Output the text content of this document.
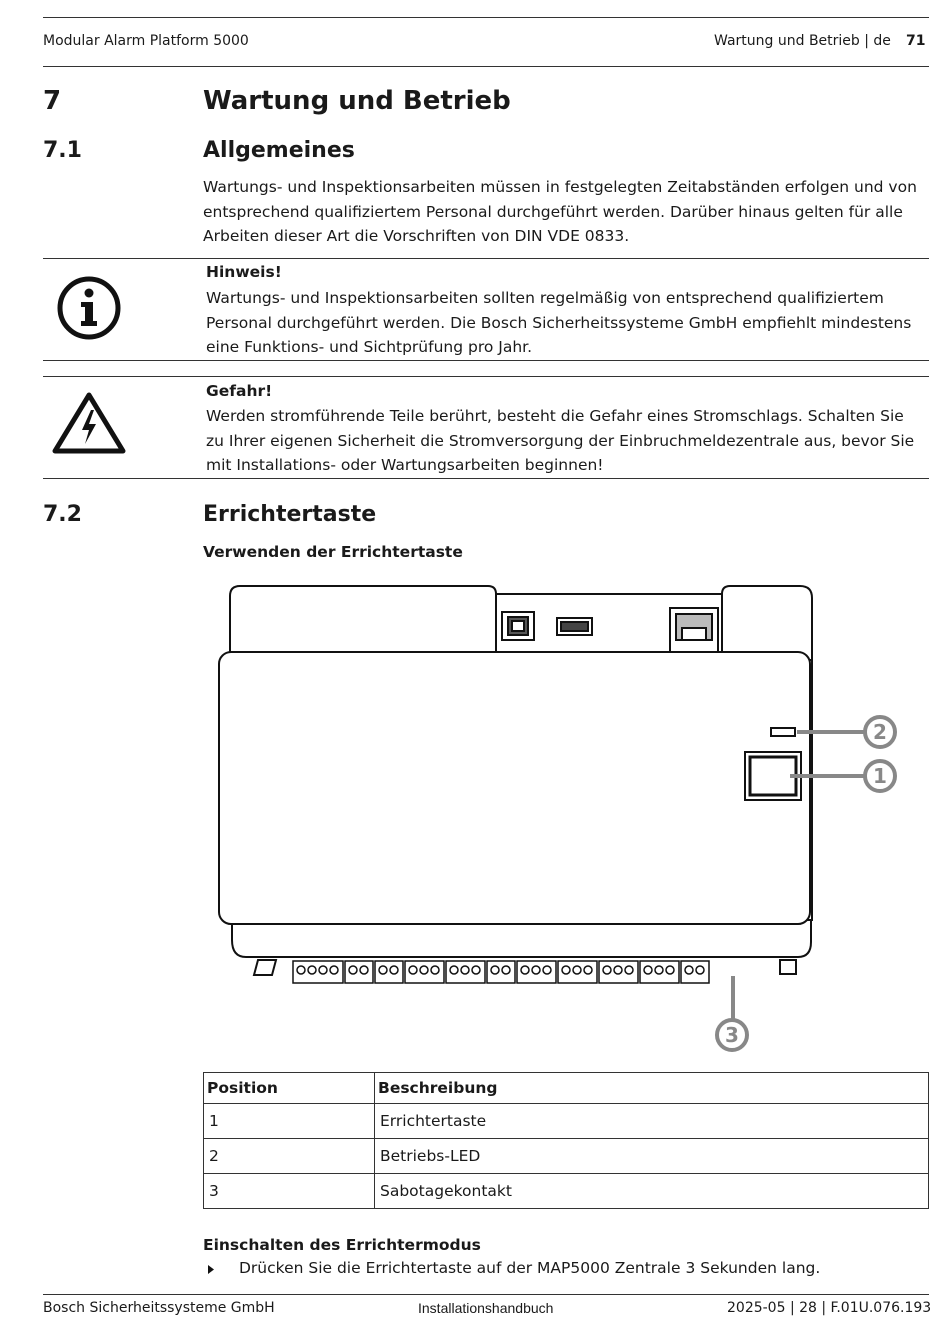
Modular Alarm Platform 5000	Wartung und Betrieb | de 71
7	Wartung und Betrieb
7.1	Allgemeines
Wartungs- und Inspektionsarbeiten müssen in festgelegten Zeitabständen erfolgen und von
entsprechend qualifiziertem Personal durchgeführt werden. Darüber hinaus gelten für alle
Arbeiten dieser Art die Vorschriften von DIN VDE 0833.
Hinweis!
Wartungs- und Inspektionsarbeiten sollten regelmäßig von entsprechend qualifiziertem
Personal durchgeführt werden. Die Bosch Sicherheitssysteme GmbH empfiehlt mindestens
eine Funktions- und Sichtprüfung pro Jahr.
Gefahr!
Werden stromführende Teile berührt, besteht die Gefahr eines Stromschlags. Schalten Sie
zu Ihrer eigenen Sicherheit die Stromversorgung der Einbruchmeldezentrale aus, bevor Sie
mit Installations- oder Wartungsarbeiten beginnen!
7.2	Errichtertaste
Verwenden der Errichtertaste
2
1
3
Position	Beschreibung
1	Errichtertaste
2	Betriebs-LED
3	Sabotagekontakt
Einschalten des Errichtermodus
Drücken Sie die Errichtertaste auf der MAP5000 Zentrale 3 Sekunden lang.
Bosch Sicherheitssysteme GmbH	Installationshandbuch	2025-05 | 28 | F.01U.076.193
